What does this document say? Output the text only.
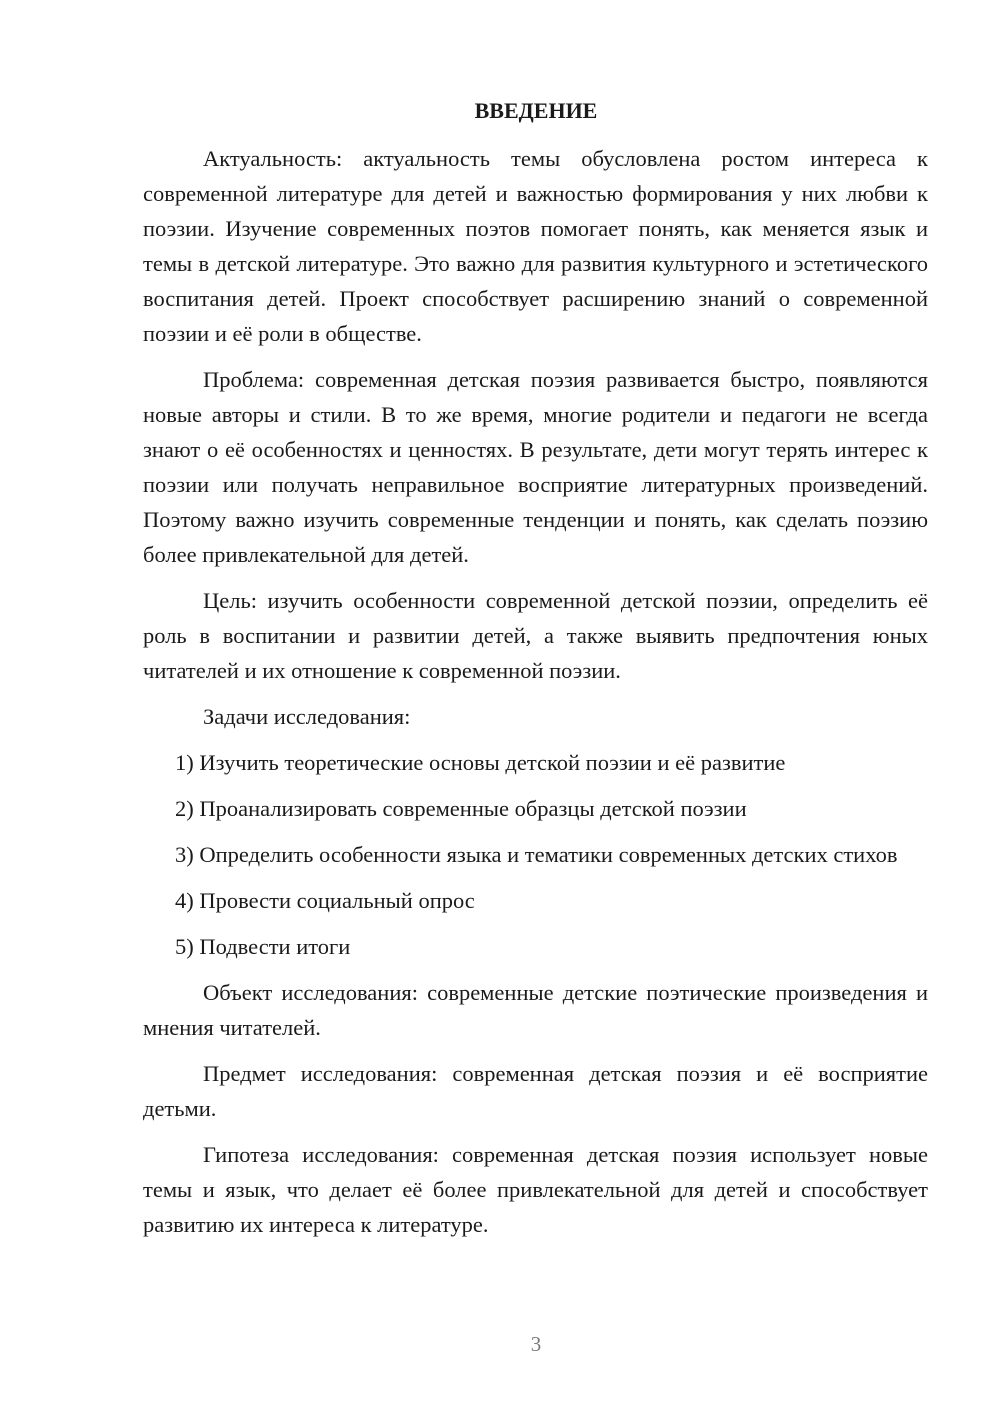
ВВЕДЕНИЕ

Актуальность: актуальность темы обусловлена ростом интереса к современной литературе для детей и важностью формирования у них любви к поэзии. Изучение современных поэтов помогает понять, как меняется язык и темы в детской литературе. Это важно для развития культурного и эстетического воспитания детей. Проект способствует расширению знаний о современной поэзии и её роли в обществе.

Проблема: современная детская поэзия развивается быстро, появляются новые авторы и стили. В то же время, многие родители и педагоги не всегда знают о её особенностях и ценностях. В результате, дети могут терять интерес к поэзии или получать неправильное восприятие литературных произведений. Поэтому важно изучить современные тенденции и понять, как сделать поэзию более привлекательной для детей.

Цель: изучить особенности современной детской поэзии, определить её роль в воспитании и развитии детей, а также выявить предпочтения юных читателей и их отношение к современной поэзии.

Задачи исследования:

1) Изучить теоретические основы детской поэзии и её развитие

2) Проанализировать современные образцы детской поэзии

3) Определить особенности языка и тематики современных детских стихов

4) Провести социальный опрос

5) Подвести итоги

Объект исследования: современные детские поэтические произведения и мнения читателей.

Предмет исследования: современная детская поэзия и её восприятие детьми.

Гипотеза исследования: современная детская поэзия использует новые темы и язык, что делает её более привлекательной для детей и способствует развитию их интереса к литературе.

3
